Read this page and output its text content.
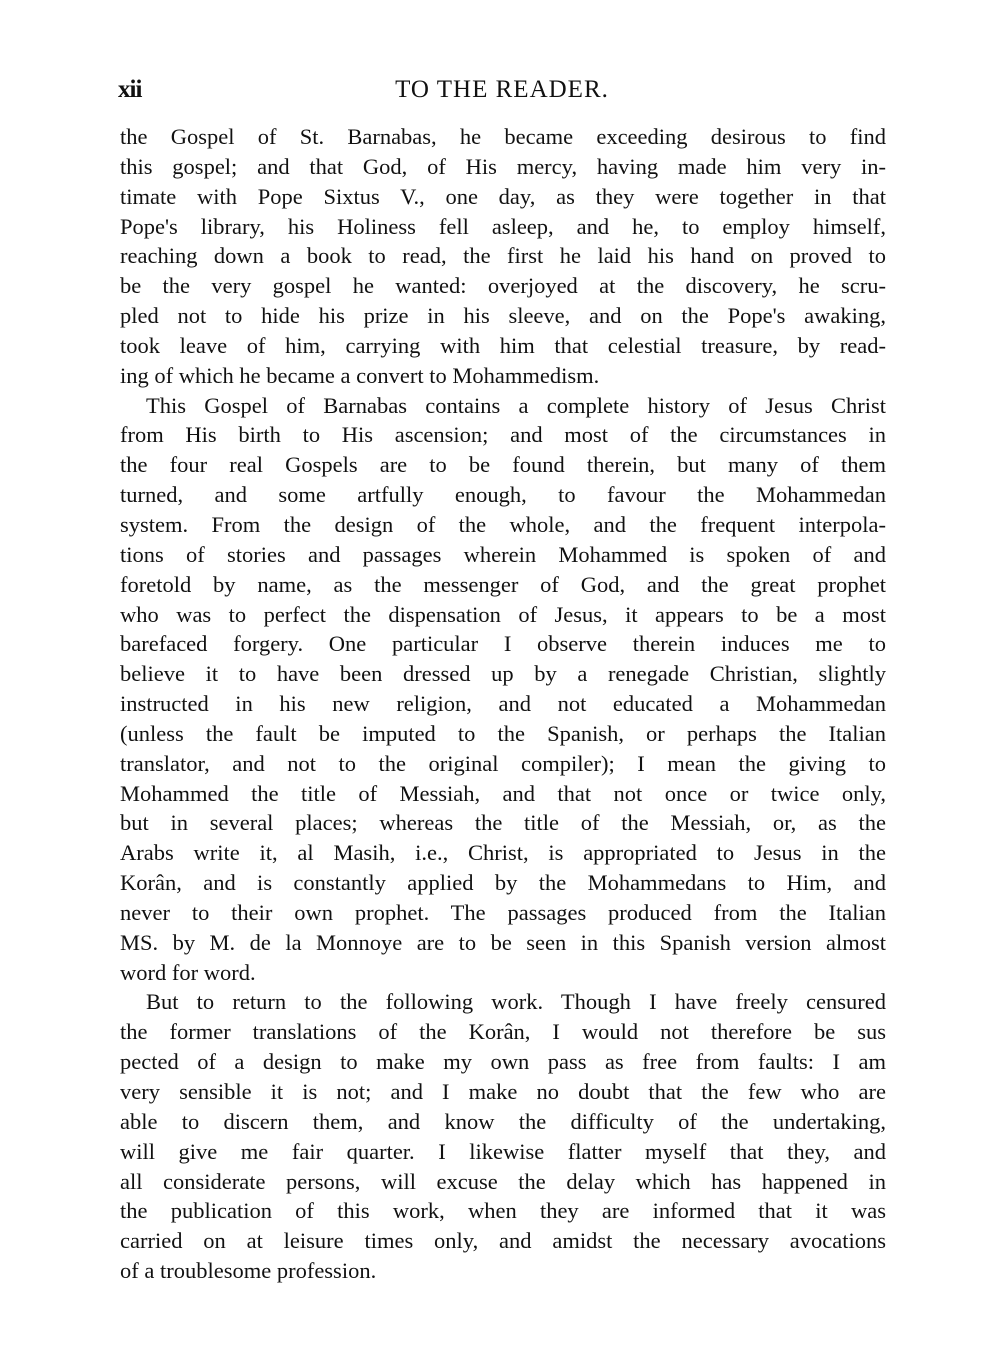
xii	TO THE READER.
the Gospel of St. Barnabas, he became exceeding desirous to find
this gospel; and that God, of His mercy, having made him very in-
timate with Pope Sixtus V., one day, as they were together in that
Pope's library, his Holiness fell asleep, and he, to employ himself,
reaching down a book to read, the first he laid his hand on proved to
be the very gospel he wanted: overjoyed at the discovery, he scru-
pled not to hide his prize in his sleeve, and on the Pope's awaking,
took leave of him, carrying with him that celestial treasure, by read-
ing of which he became a convert to Mohammedism.
This Gospel of Barnabas contains a complete history of Jesus Christ
from His birth to His ascension; and most of the circumstances in
the four real Gospels are to be found therein, but many of them
turned, and some artfully enough, to favour the Mohammedan
system. From the design of the whole, and the frequent interpola-
tions of stories and passages wherein Mohammed is spoken of and
foretold by name, as the messenger of God, and the great prophet
who was to perfect the dispensation of Jesus, it appears to be a most
barefaced forgery. One particular I observe therein induces me to
believe it to have been dressed up by a renegade Christian, slightly
instructed in his new religion, and not educated a Mohammedan
(unless the fault be imputed to the Spanish, or perhaps the Italian
translator, and not to the original compiler); I mean the giving to
Mohammed the title of Messiah, and that not once or twice only,
but in several places; whereas the title of the Messiah, or, as the
Arabs write it, al Masih, i.e., Christ, is appropriated to Jesus in the
Korân, and is constantly applied by the Mohammedans to Him, and
never to their own prophet. The passages produced from the Italian
MS. by M. de la Monnoye are to be seen in this Spanish version almost
word for word.
But to return to the following work. Though I have freely censured
the former translations of the Korân, I would not therefore be sus
pected of a design to make my own pass as free from faults: I am
very sensible it is not; and I make no doubt that the few who are
able to discern them, and know the difficulty of the undertaking,
will give me fair quarter. I likewise flatter myself that they, and
all considerate persons, will excuse the delay which has happened in
the publication of this work, when they are informed that it was
carried on at leisure times only, and amidst the necessary avocations
of a troublesome profession.
